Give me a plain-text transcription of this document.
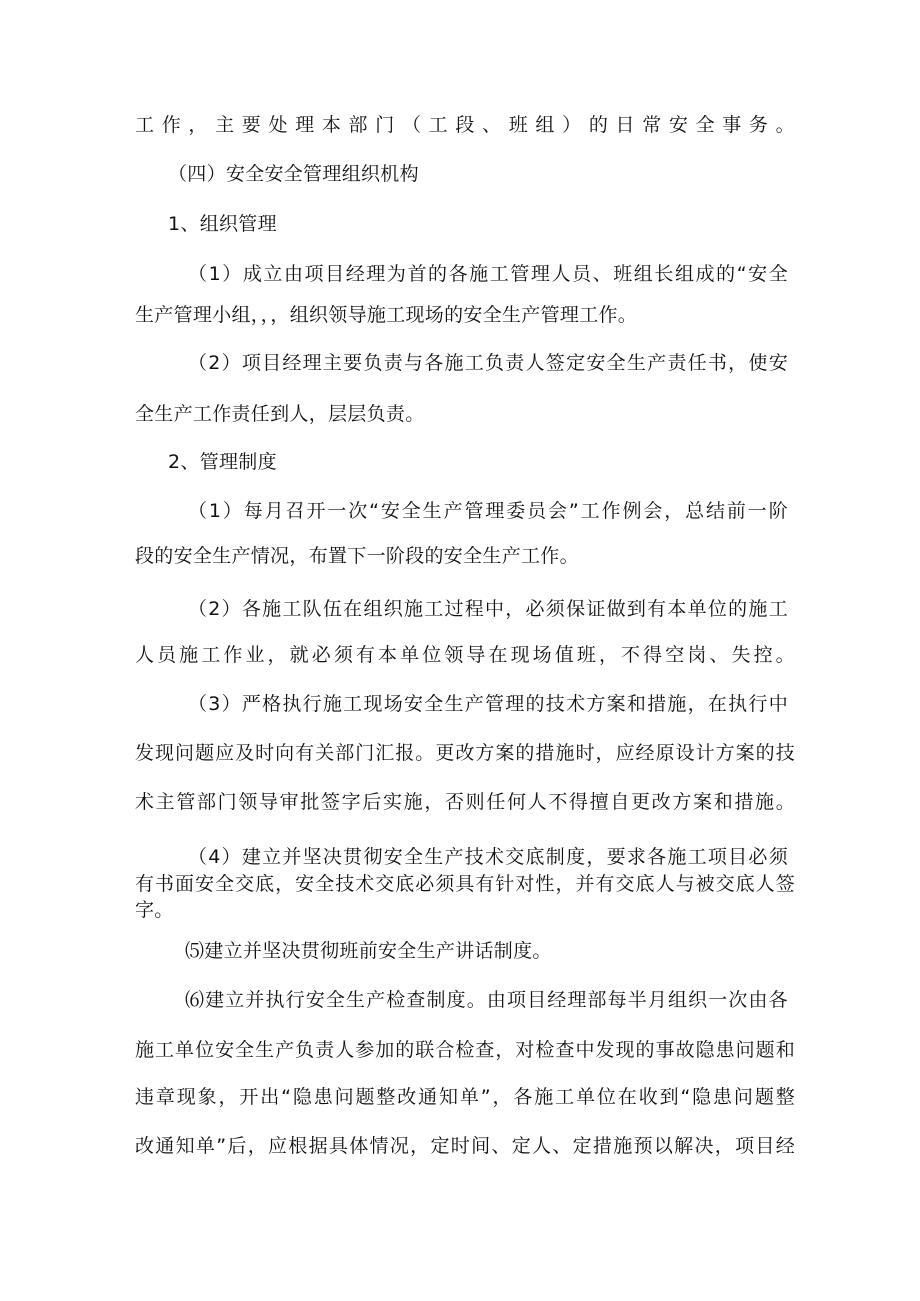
工作，主要处理本部门（工段、班组）的日常安全事务。
（四）安全安全管理组织机构
1、组织管理
（1）成立由项目经理为首的各施工管理人员、班组长组成的“安全
生产管理小组，，，组织领导施工现场的安全生产管理工作。
（2）项目经理主要负责与各施工负责人签定安全生产责任书，使安
全生产工作责任到人，层层负责。
2、管理制度
（1）每月召开一次“安全生产管理委员会”工作例会，总结前一阶
段的安全生产情况，布置下一阶段的安全生产工作。
（2）各施工队伍在组织施工过程中，必须保证做到有本单位的施工
人员施工作业，就必须有本单位领导在现场值班，不得空岗、失控。
（3）严格执行施工现场安全生产管理的技术方案和措施，在执行中
发现问题应及时向有关部门汇报。更改方案的措施时，应经原设计方案的技
术主管部门领导审批签字后实施，否则任何人不得擅自更改方案和措施。
（4）建立并坚决贯彻安全生产技术交底制度，要求各施工项目必须
有书面安全交底，安全技术交底必须具有针对性，并有交底人与被交底人签
字。
⑸建立并坚决贯彻班前安全生产讲话制度。
⑹建立并执行安全生产检查制度。由项目经理部每半月组织一次由各
施工单位安全生产负责人参加的联合检查，对检查中发现的事故隐患问题和
违章现象，开出“隐患问题整改通知单”，各施工单位在收到“隐患问题整
改通知单”后，应根据具体情况，定时间、定人、定措施预以解决，项目经
